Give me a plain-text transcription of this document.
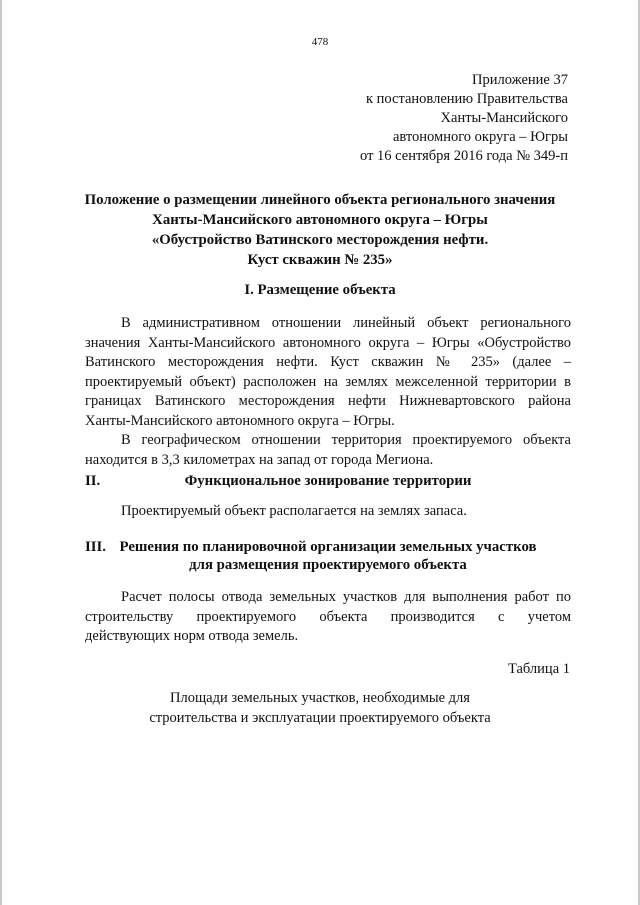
478
Приложение 37
к постановлению Правительства
Ханты-Мансийского
автономного округа – Югры
от 16 сентября 2016 года № 349-п
Положение о размещении линейного объекта регионального значения
Ханты-Мансийского автономного округа – Югры
«Обустройство Ватинского месторождения нефти.
Куст скважин № 235»
I. Размещение объекта
В административном отношении линейный объект регионального
значения Ханты-Мансийского автономного округа – Югры «Обустройство
Ватинского месторождения нефти. Куст скважин № 235» (далее –
проектируемый объект) расположен на землях межселенной территории в
границах Ватинского месторождения нефти Нижневартовского района
Ханты-Мансийского автономного округа – Югры.
В географическом отношении территория проектируемого объекта
находится в 3,3 километрах на запад от города Мегиона.
II.	Функциональное зонирование территории
Проектируемый объект располагается на землях запаса.
III. Решения по планировочной организации земельных участков
для размещения проектируемого объекта
Расчет полосы отвода земельных участков для выполнения работ по
строительству проектируемого объекта производится с учетом
действующих норм отвода земель.
Таблица 1
Площади земельных участков, необходимые для
строительства и эксплуатации проектируемого объекта
